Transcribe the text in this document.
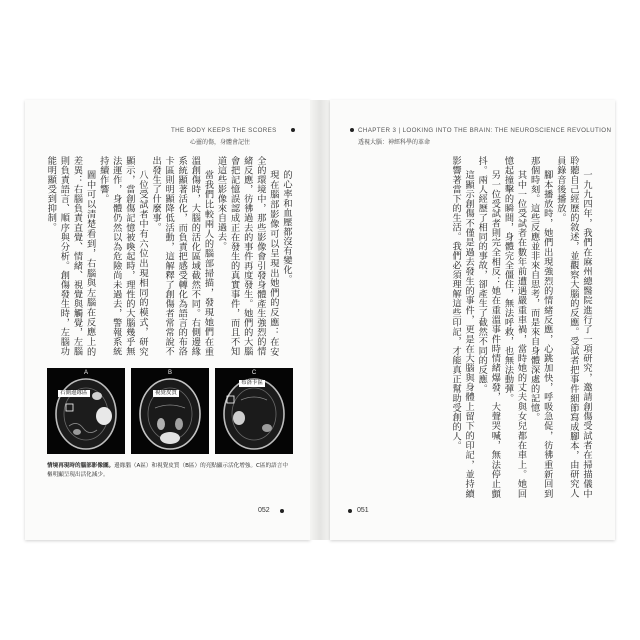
THE BODY KEEPS THE SCORES
心靈的傷，身體會記住

的心率和血壓都沒有變化。

現在腦部影像可以呈現出她們的反應：在安全的環境中，那些影像會引發身體產生強烈的情緒反應，彷彿過去的事件再度發生。她們的大腦會把記憶誤認成正在發生的真實事件，而且不知道這些影像來自過去。

當我們比較兩人的腦部掃描，發現她們在重溫創傷時，大腦的活化區域截然不同。右側邊緣系統顯著活化，而負責把感受轉化為語言的布洛卡區則明顯降低活動，這解釋了創傷者常常說不出發生了什麼事。

八位受試者中有六位出現相同的模式，研究顯示，當創傷記憶被喚起時，理性的大腦幾乎無法運作，身體仍然以為危險尚未過去，警報系統持續作響。

圖中可以清楚看到，右腦與左腦在反應上的差異：右腦負責直覺、情緒、視覺與觸覺，左腦則負責語言、順序與分析。創傷發生時，左腦功能明顯受到抑制。

A
右側邊緣區
B
視覺皮質
C
布洛卡區
情境再現時的腦部影像圖。邊緣腦（A區）和視覺皮質（B區）的亮點顯示活化增強。C區的語言中樞明顯呈現出活化減少。
052
CHAPTER 3 | LOOKING INTO THE BRAIN: THE NEUROSCIENCE REVOLUTION
透視大腦：神經科學的革命

一九九四年，我們在麻州總醫院進行了一項研究，邀請創傷受試者在掃描儀中聆聽自己經歷的敘述，並觀察大腦的反應。受試者把事件細節寫成腳本，由研究人員錄音後播放。

腳本播放時，她們出現強烈的情緒反應，心跳加快，呼吸急促，彷彿重新回到那個時刻。這些反應並非來自思考，而是來自身體深處的記憶。

其中一位受試者在數年前遭遇嚴重車禍，當時她的丈夫與女兒都在車上。她回憶起撞擊的瞬間，身體完全僵住，無法呼救，也無法動彈。

另一位受試者則完全相反：她在重溫事件時情緒爆發，大聲哭喊，無法停止顫抖。兩人經歷了相同的事故，卻產生了截然不同的反應。

這顯示創傷不僅是過去發生的事件，更是在大腦與身體上留下的印記，並持續影響著當下的生活。我們必須理解這些印記，才能真正幫助受創的人。

051
